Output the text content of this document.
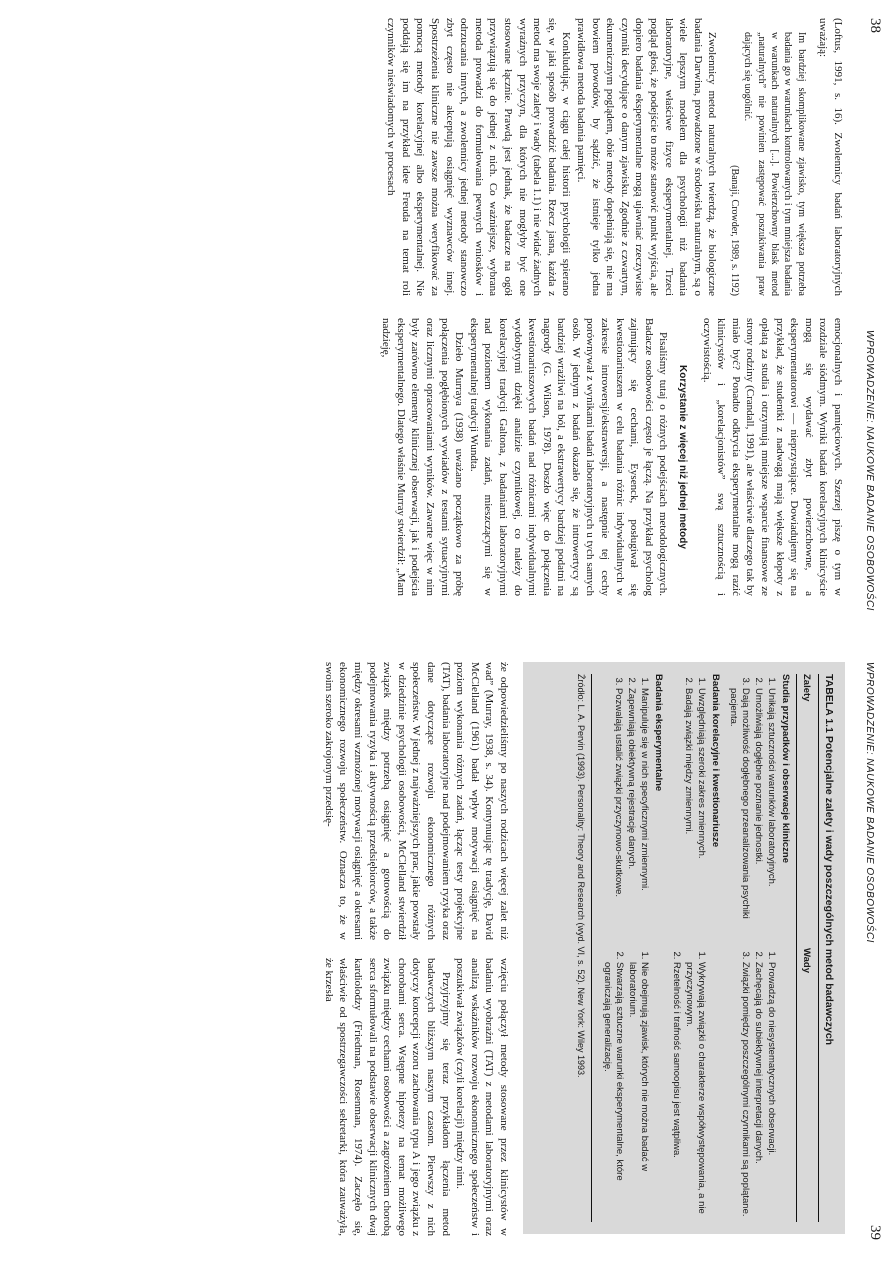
38
WPROWADZENIE: NAUKOWE BADANIE OSOBOWOŚCI

(Loftus, 1991, s. 16). Zwolennicy badań laboratoryjnych uważają:

Im bardziej skomplikowane zjawisko, tym większa potrzeba badania go w warunkach kontrolowanych i tym mniejsza badania w warunkach naturalnych [...]. Powierzchowny blask metod „naturalnych” nie powinien zastępować poszukiwania praw dających się uogólnić.
(Banaji, Crowder, 1989, s. 1192)

Zwolennicy metod naturalnych twierdzą, że biologiczne badania Darwina, prowadzone w środowisku naturalnym, są o wiele lepszym modelem dla psychologii niż badania laboratoryjne, właściwe fizyce eksperymentalnej. Trzeci pogląd głosi, że podejście to może stanowić punkt wyjścia, ale dopiero badania eksperymentalne mogą ujawniać rzeczywiste czynniki decydujące o danym zjawisku. Zgodnie z czwartym, ekumenicznym poglądem, obie metody dopełniają się, nie ma bowiem powodów, by sądzić, że istnieje tylko jedna prawidłowa metoda badania pamięci.

Konkludując, w ciągu całej historii psychologii spierano się, w jaki sposób prowadzić badania. Rzecz jasna, każda z metod ma swoje zalety i wady (tabela 1.1) i nie widać żadnych wyraźnych przyczyn, dla których nie mogłyby być one stosowane łącznie. Prawdą jest jednak, że badacze na ogół przywiązują się do jednej z nich. Co ważniejsze, wybrana metoda prowadzi do formułowania pewnych wniosków i odrzucania innych, a zwolennicy jednej metody stanowczo zbyt często nie akceptują osiągnięć wyznawców innej. Spostrzeżenia kliniczne nie zawsze można weryfikować za pomocą metody korelacyjnej albo eksperymentalnej. Nie poddają się im na przykład idee Freuda na temat roli czynników nieświadomych w procesach

emocjonalnych i pamięciowych. Szerzej piszę o tym w rozdziale siódmym. Wyniki badań korelacyjnych klinicyście mogą się wydawać zbyt powierzchowne, a eksperymentatorowi — nieprzystające. Dowiadujemy się na przykład, że studentki z nadwagą mają większe kłopoty z opłatą za studia i otrzymują mniejsze wsparcie finansowe ze strony rodziny (Crandall, 1991), ale właściwie dlaczego tak by miało być? Ponadto odkrycia eksperymentalne mogą razić klinicystów i „korelacjonistów” swą sztucznością i oczywistością.

Korzystanie z więcej niż jednej metody

Pisaliśmy tutaj o różnych podejściach metodologicznych. Badacze osobowości często je łączą. Na przykład psycholog zajmujący się cechami, Eysenck, posługiwał się kwestionariuszem w celu badania różnic indywidualnych w zakresie introwersji/ekstrawersji, a następnie tej cechy porównywał z wynikami badań laboratoryjnych u tych samych osób. W jednym z badań okazało się, że introwertycy są bardziej wrażliwi na ból, a ekstrawertycy bardziej podatni na nagrody (G. Wilson, 1978). Doszło więc do połączenia kwestionariuszowych badań nad różnicami indywidualnymi wydobytymi dzięki analizie czynnikowej, co należy do korelacyjnej tradycji Galtona, z badaniami laboratoryjnymi nad poziomem wykonania zadań, mieszczącymi się w eksperymentalnej tradycji Wundta.

Dzieło Murraya (1938) uważano początkowo za próbę połączenia pogłębionych wywiadów z testami sytuacyjnymi oraz licznymi opracowaniami wyników. Zawarte więc w nim były zarówno elementy klinicznej obserwacji, jak i podejścia eksperymentalnego. Dlatego właśnie Murray stwierdził: „Mam nadzieję,

WPROWADZENIE: NAUKOWE BADANIE OSOBOWOŚCI
39
TABELA 1.1 Potencjalne zalety i wady poszczególnych metod badawczych
Zalety
Wady
Studia przypadków i obserwacje kliniczne
1. Unikają sztuczności warunków laboratoryjnych.
2. Umożliwiają dogłębne poznanie jednostki.
3. Dają możliwość dogłębnego przeanalizowania psychiki pacjenta.
1. Prowadzą do niesystematycznych obserwacji.
2. Zachęcają do subiektywnej interpretacji danych.
3. Związki pomiędzy poszczególnymi czynnikami są poplątane.
Badania korelacyjne i kwestionariusze
1. Uwzględniają szeroki zakres zmiennych.
2. Badają związki między zmiennymi.
1. Wykrywają związki o charakterze współwystępowania, a nie przyczynowym.
2. Rzetelność i trafność samoopisu jest wątpliwa.
Badania eksperymentalne
1. Manipuluje się w nich specyficznymi zmiennymi.
2. Zapewniają obiektywną rejestrację danych.
3. Pozwalają ustalić związki przyczynowo-skutkowe.
1. Nie obejmują zjawisk, których nie można badać w laboratorium.
2. Stwarzają sztuczne warunki eksperymentalne, które ograniczają generalizację.
Źródło: L. A. Pervin (1993). Personality: Theory and Research (wyd. VI, s. 52). New York: Wiley 1993.

że odpowiedzieliśmy po naszych rodzicach więcej zalet niż wad” (Murray, 1938, s. 34). Kontynuując tę tradycję, David McClelland (1961) badał wpływ motywacji osiągnięć na poziom wykonania różnych zadań, łącząc testy projekcyjne (TAT), badania laboratoryjne nad podejmowaniem ryzyka oraz dane dotyczące rozwoju ekonomicznego różnych społeczeństw. W jednej z najważniejszych prac, jakie powstały w dziedzinie psychologii osobowości, McClelland stwierdził związek między potrzebą osiągnięć a gotowością do podejmowania ryzyka i aktywnością przedsiębiorców, a także między okresami wzmożonej motywacji osiągnięć a okresami ekonomicznego rozwoju społeczeństw. Oznacza to, że w swoim szeroko zakrojonym przedsię-

wzięciu połączył metody stosowane przez klinicystów w badaniu wyobraźni (TAT) z metodami laboratoryjnymi oraz analizą wskaźników rozwoju ekonomicznego społeczeństw i poszukiwał związków (czyli korelacji) między nimi.

Przyjrzyjmy się teraz przykładom łączenia metod badawczych bliższym naszym czasom. Pierwszy z nich dotyczy koncepcji wzoru zachowania typu A i jego związku z chorobami serca. Wstępne hipotezy na temat możliwego związku między cechami osobowości a zagrożeniem chorobą serca sformułowali na podstawie obserwacji klinicznych dwaj kardiolodzy (Friedman, Rosenman, 1974). Zaczęło się, właściwie od spostrzegawczości sekretarki, która zauważyła, że krzesła
